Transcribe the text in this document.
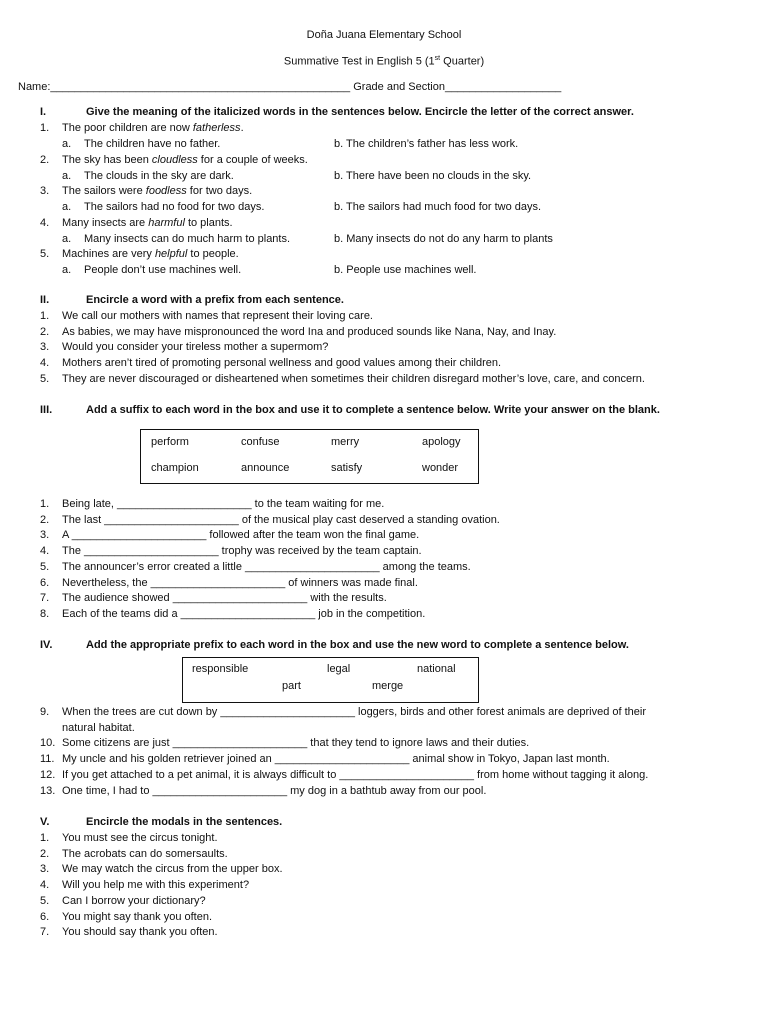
Doña Juana Elementary School
Summative Test in English 5 (1st Quarter)
Name:_________________________________________________ Grade and Section___________________
I.	Give the meaning of the italicized words in the sentences below. Encircle the letter of the correct answer.
1. The poor children are now fatherless.
a. The children have no father.	b. The children’s father has less work.
2. The sky has been cloudless for a couple of weeks.
a. The clouds in the sky are dark.	b. There have been no clouds in the sky.
3. The sailors were foodless for two days.
a. The sailors had no food for two days.	b. The sailors had much food for two days.
4. Many insects are harmful to plants.
a. Many insects can do much harm to plants.	b. Many insects do not do any harm to plants
5. Machines are very helpful to people.
a. People don’t use machines well.	b. People use machines well.
II.	Encircle a word with a prefix from each sentence.
1. We call our mothers with names that represent their loving care.
2. As babies, we may have mispronounced the word Ina and produced sounds like Nana, Nay, and Inay.
3. Would you consider your tireless mother a supermom?
4. Mothers aren’t tired of promoting personal wellness and good values among their children.
5. They are never discouraged or disheartened when sometimes their children disregard mother’s love, care, and concern.
III.	Add a suffix to each word in the box and use it to complete a sentence below. Write your answer on the blank.
perform	confuse	merry	apology
champion	announce	satisfy	wonder
1. Being late, ______________________ to the team waiting for me.
2. The last ______________________ of the musical play cast deserved a standing ovation.
3. A ______________________ followed after the team won the final game.
4. The ______________________ trophy was received by the team captain.
5. The announcer’s error created a little ______________________ among the teams.
6. Nevertheless, the ______________________ of winners was made final.
7. The audience showed ______________________ with the results.
8. Each of the teams did a ______________________ job in the competition.
IV.	Add the appropriate prefix to each word in the box and use the new word to complete a sentence below.
responsible	legal	national
part	merge
9. When the trees are cut down by ______________________ loggers, birds and other forest animals are deprived of their
natural habitat.
10. Some citizens are just ______________________ that they tend to ignore laws and their duties.
11. My uncle and his golden retriever joined an ______________________ animal show in Tokyo, Japan last month.
12. If you get attached to a pet animal, it is always difficult to ______________________ from home without tagging it along.
13. One time, I had to ______________________ my dog in a bathtub away from our pool.
V.	Encircle the modals in the sentences.
1. You must see the circus tonight.
2. The acrobats can do somersaults.
3. We may watch the circus from the upper box.
4. Will you help me with this experiment?
5. Can I borrow your dictionary?
6. You might say thank you often.
7. You should say thank you often.
